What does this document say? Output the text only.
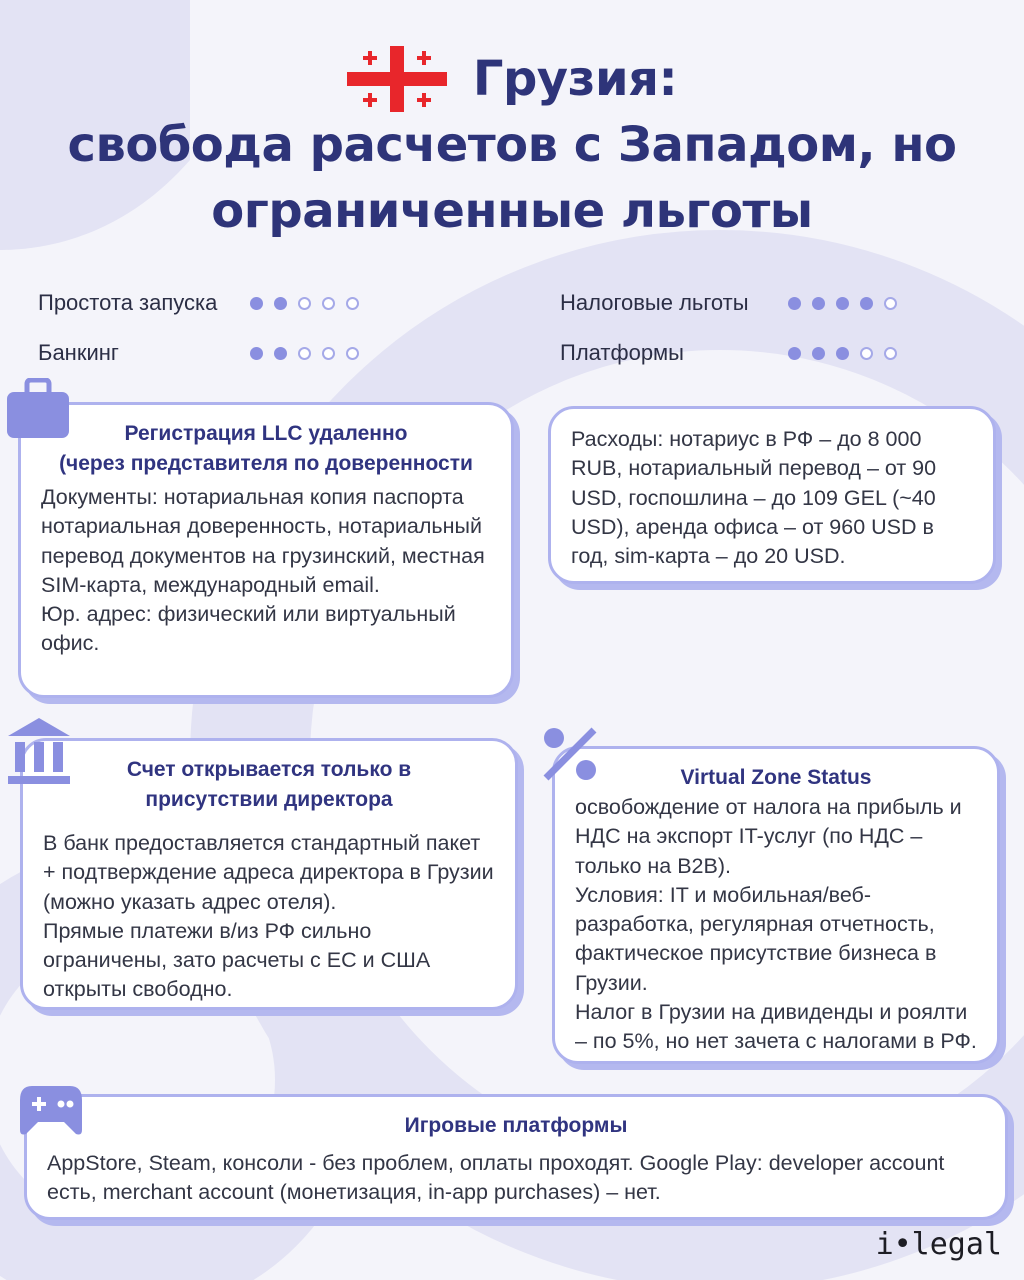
Грузия:
свобода расчетов с Западом, но
ограниченные льготы
Простота запуска
Банкинг
Налоговые льготы
Платформы
Регистрация LLC удаленно
(через представителя по доверенности

Документы: нотариальная копия паспорта нотариальная доверенность, нотариальный перевод документов на грузинский, местная SIM-карта, международный email.

Юр. адрес: физический или виртуальный офис.

Расходы: нотариус в РФ – до 8 000 RUB, нотариальный перевод – от 90 USD, госпошлина – до 109 GEL (~40 USD), аренда офиса – от 960 USD в год, sim-карта – до 20 USD.

Счет открывается только в
присутствии директора

В банк предоставляется стандартный пакет + подтверждение адреса директора в Грузии (можно указать адрес отеля).

Прямые платежи в/из РФ сильно ограничены, зато расчеты с ЕС и США открыты свободно.

Virtual Zone Status

освобождение от налога на прибыль и НДС на экспорт IT-услуг (по НДС – только на B2B).

Условия: IT и мобильная/веб-разработка, регулярная отчетность, фактическое присутствие бизнеса в Грузии.

Налог в Грузии на дивиденды и роялти – по 5%, но нет зачета с налогами в РФ.

Игровые платформы

AppStore, Steam, консоли - без проблем, оплаты проходят. Google Play: developer account есть, merchant account (монетизация, in-app purchases) – нет.

i•legal
